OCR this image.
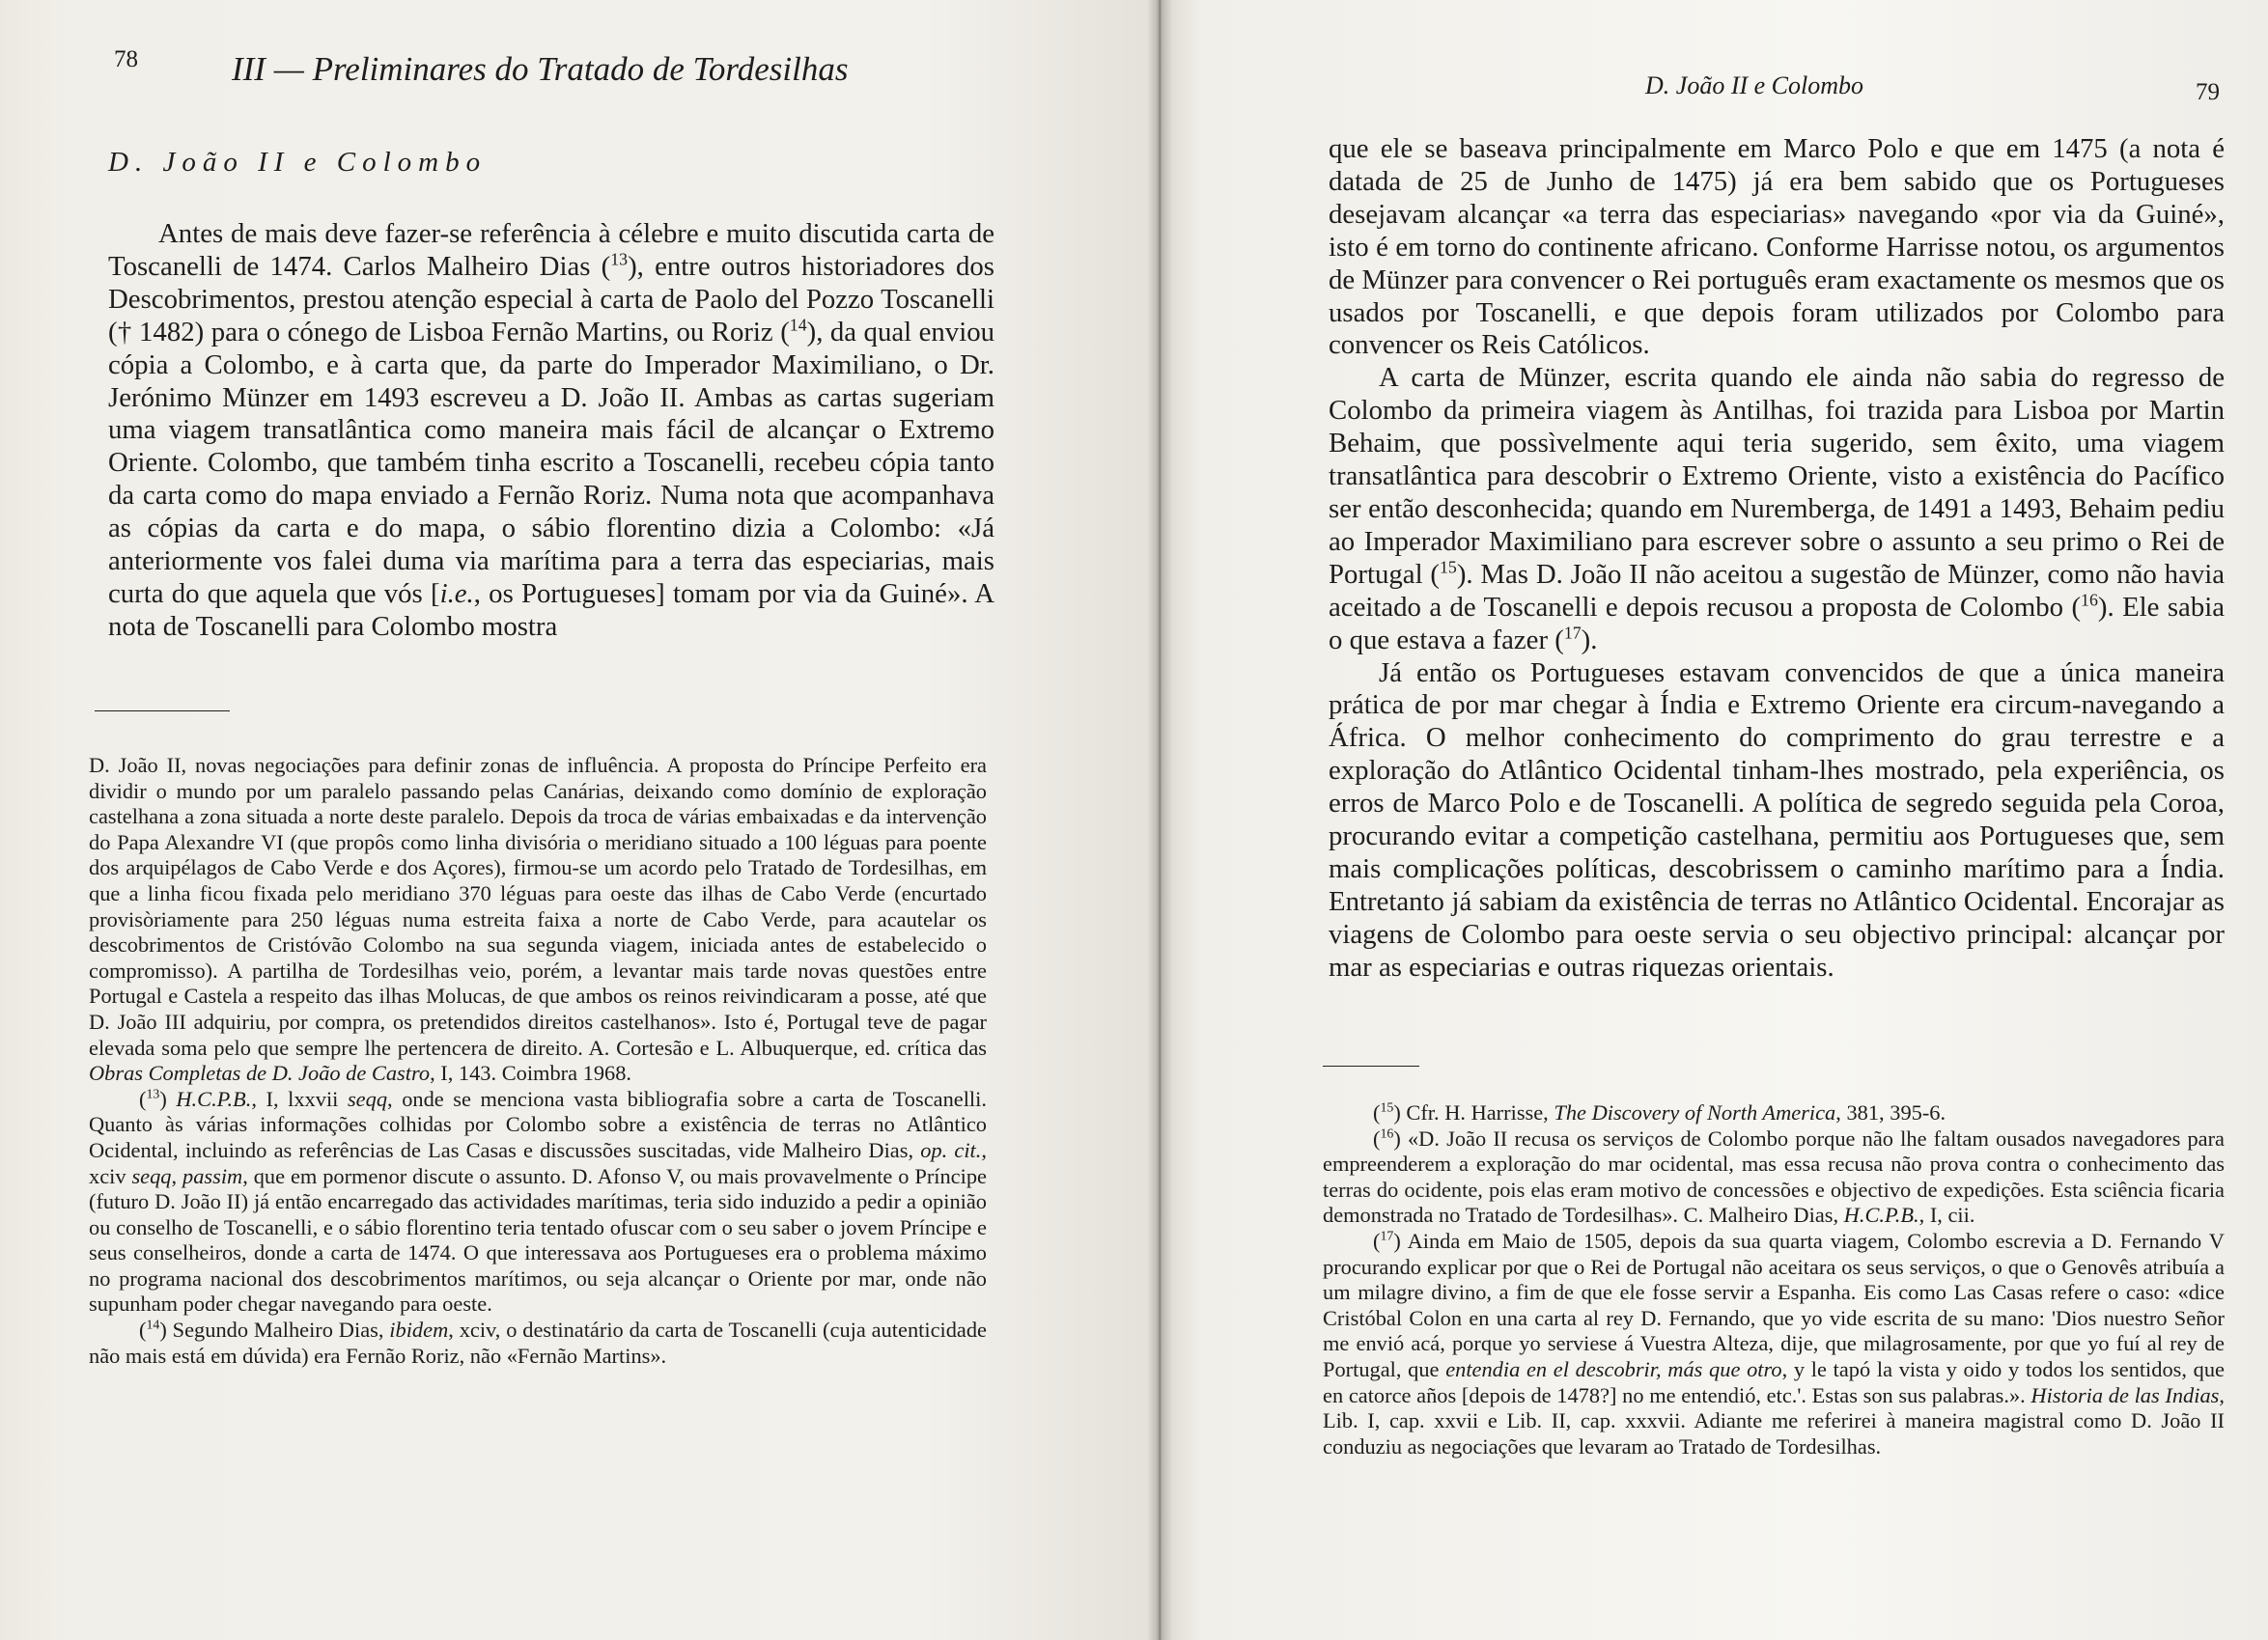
78	III — Preliminares do Tratado de Tordesilhas
D. João II e Colombo

Antes de mais deve fazer-se referência à célebre e muito discutida carta de Toscanelli de 1474. Carlos Malheiro Dias ($^{13}$), entre outros historiadores dos Descobrimentos, prestou atenção especial à carta de Paolo del Pozzo Toscanelli († 1482) para o cónego de Lisboa Fernão Martins, ou Roriz ($^{14}$), da qual enviou cópia a Colombo, e à carta que, da parte do Imperador Maximiliano, o Dr. Jerónimo Münzer em 1493 escreveu a D. João II. Ambas as cartas sugeriam uma viagem transatlântica como maneira mais fácil de alcançar o Extremo Oriente. Colombo, que também tinha escrito a Toscanelli, recebeu cópia tanto da carta como do mapa enviado a Fernão Roriz. Numa nota que acompanhava as cópias da carta e do mapa, o sábio florentino dizia a Colombo: «Já anteriormente vos falei duma via marítima para a terra das especiarias, mais curta do que aquela que vós [i.e., os Portugueses] tomam por via da Guiné». A nota de Toscanelli para Colombo mostra

D. João II, novas negociações para definir zonas de influência. A proposta do Príncipe Perfeito era dividir o mundo por um paralelo passando pelas Canárias, deixando como domínio de exploração castelhana a zona situada a norte deste paralelo. Depois da troca de várias embaixadas e da intervenção do Papa Alexandre VI (que propôs como linha divisória o meridiano situado a 100 léguas para poente dos arquipélagos de Cabo Verde e dos Açores), firmou-se um acordo pelo Tratado de Tordesilhas, em que a linha ficou fixada pelo meridiano 370 léguas para oeste das ilhas de Cabo Verde (encurtado provisòriamente para 250 léguas numa estreita faixa a norte de Cabo Verde, para acautelar os descobrimentos de Cristóvão Colombo na sua segunda viagem, iniciada antes de estabelecido o compromisso). A partilha de Tordesilhas veio, porém, a levantar mais tarde novas questões entre Portugal e Castela a respeito das ilhas Molucas, de que ambos os reinos reivindicaram a posse, até que D. João III adquiriu, por compra, os pretendidos direitos castelhanos». Isto é, Portugal teve de pagar elevada soma pelo que sempre lhe pertencera de direito. A. Cortesão e L. Albuquerque, ed. crítica das Obras Completas de D. João de Castro, I, 143. Coimbra 1968.

($^{13}$) H.C.P.B., I, lxxvii seqq, onde se menciona vasta bibliografia sobre a carta de Toscanelli. Quanto às várias informações colhidas por Colombo sobre a existência de terras no Atlântico Ocidental, incluindo as referências de Las Casas e discussões suscitadas, vide Malheiro Dias, op. cit., xciv seqq, passim, que em pormenor discute o assunto. D. Afonso V, ou mais provavelmente o Príncipe (futuro D. João II) já então encarregado das actividades marítimas, teria sido induzido a pedir a opinião ou conselho de Toscanelli, e o sábio florentino teria tentado ofuscar com o seu saber o jovem Príncipe e seus conselheiros, donde a carta de 1474. O que interessava aos Portugueses era o problema máximo no programa nacional dos descobrimentos marítimos, ou seja alcançar o Oriente por mar, onde não supunham poder chegar navegando para oeste.

($^{14}$) Segundo Malheiro Dias, ibidem, xciv, o destinatário da carta de Toscanelli (cuja autenticidade não mais está em dúvida) era Fernão Roriz, não «Fernão Martins».

D. João II e Colombo	79

que ele se baseava principalmente em Marco Polo e que em 1475 (a nota é datada de 25 de Junho de 1475) já era bem sabido que os Portugueses desejavam alcançar «a terra das especiarias» navegando «por via da Guiné», isto é em torno do continente africano. Conforme Harrisse notou, os argumentos de Münzer para convencer o Rei português eram exactamente os mesmos que os usados por Toscanelli, e que depois foram utilizados por Colombo para convencer os Reis Católicos.

A carta de Münzer, escrita quando ele ainda não sabia do regresso de Colombo da primeira viagem às Antilhas, foi trazida para Lisboa por Martin Behaim, que possìvelmente aqui teria sugerido, sem êxito, uma viagem transatlântica para descobrir o Extremo Oriente, visto a existência do Pacífico ser então desconhecida; quando em Nuremberga, de 1491 a 1493, Behaim pediu ao Imperador Maximiliano para escrever sobre o assunto a seu primo o Rei de Portugal ($^{15}$). Mas D. João II não aceitou a sugestão de Münzer, como não havia aceitado a de Toscanelli e depois recusou a proposta de Colombo ($^{16}$). Ele sabia o que estava a fazer ($^{17}$).

Já então os Portugueses estavam convencidos de que a única maneira prática de por mar chegar à Índia e Extremo Oriente era circum-navegando a África. O melhor conhecimento do comprimento do grau terrestre e a exploração do Atlântico Ocidental tinham-lhes mostrado, pela experiência, os erros de Marco Polo e de Toscanelli. A política de segredo seguida pela Coroa, procurando evitar a competição castelhana, permitiu aos Portugueses que, sem mais complicações políticas, descobrissem o caminho marítimo para a Índia. Entretanto já sabiam da existência de terras no Atlântico Ocidental. Encorajar as viagens de Colombo para oeste servia o seu objectivo principal: alcançar por mar as especiarias e outras riquezas orientais.

($^{15}$) Cfr. H. Harrisse, The Discovery of North America, 381, 395-6.

($^{16}$) «D. João II recusa os serviços de Colombo porque não lhe faltam ousados navegadores para empreenderem a exploração do mar ocidental, mas essa recusa não prova contra o conhecimento das terras do ocidente, pois elas eram motivo de concessões e objectivo de expedições. Esta sciência ficaria demonstrada no Tratado de Tordesilhas». C. Malheiro Dias, H.C.P.B., I, cii.

($^{17}$) Ainda em Maio de 1505, depois da sua quarta viagem, Colombo escrevia a D. Fernando V procurando explicar por que o Rei de Portugal não aceitara os seus serviços, o que o Genovês atribuía a um milagre divino, a fim de que ele fosse servir a Espanha. Eis como Las Casas refere o caso: «dice Cristóbal Colon en una carta al rey D. Fernando, que yo vide escrita de su mano: 'Dios nuestro Señor me envió acá, porque yo serviese á Vuestra Alteza, dije, que milagrosamente, por que yo fuí al rey de Portugal, que entendia en el descobrir, más que otro, y le tapó la vista y oido y todos los sentidos, que en catorce años [depois de 1478?] no me entendió, etc.'. Estas son sus palabras.». Historia de las Indias, Lib. I, cap. xxvii e Lib. II, cap. xxxvii. Adiante me referirei à maneira magistral como D. João II conduziu as negociações que levaram ao Tratado de Tordesilhas.
